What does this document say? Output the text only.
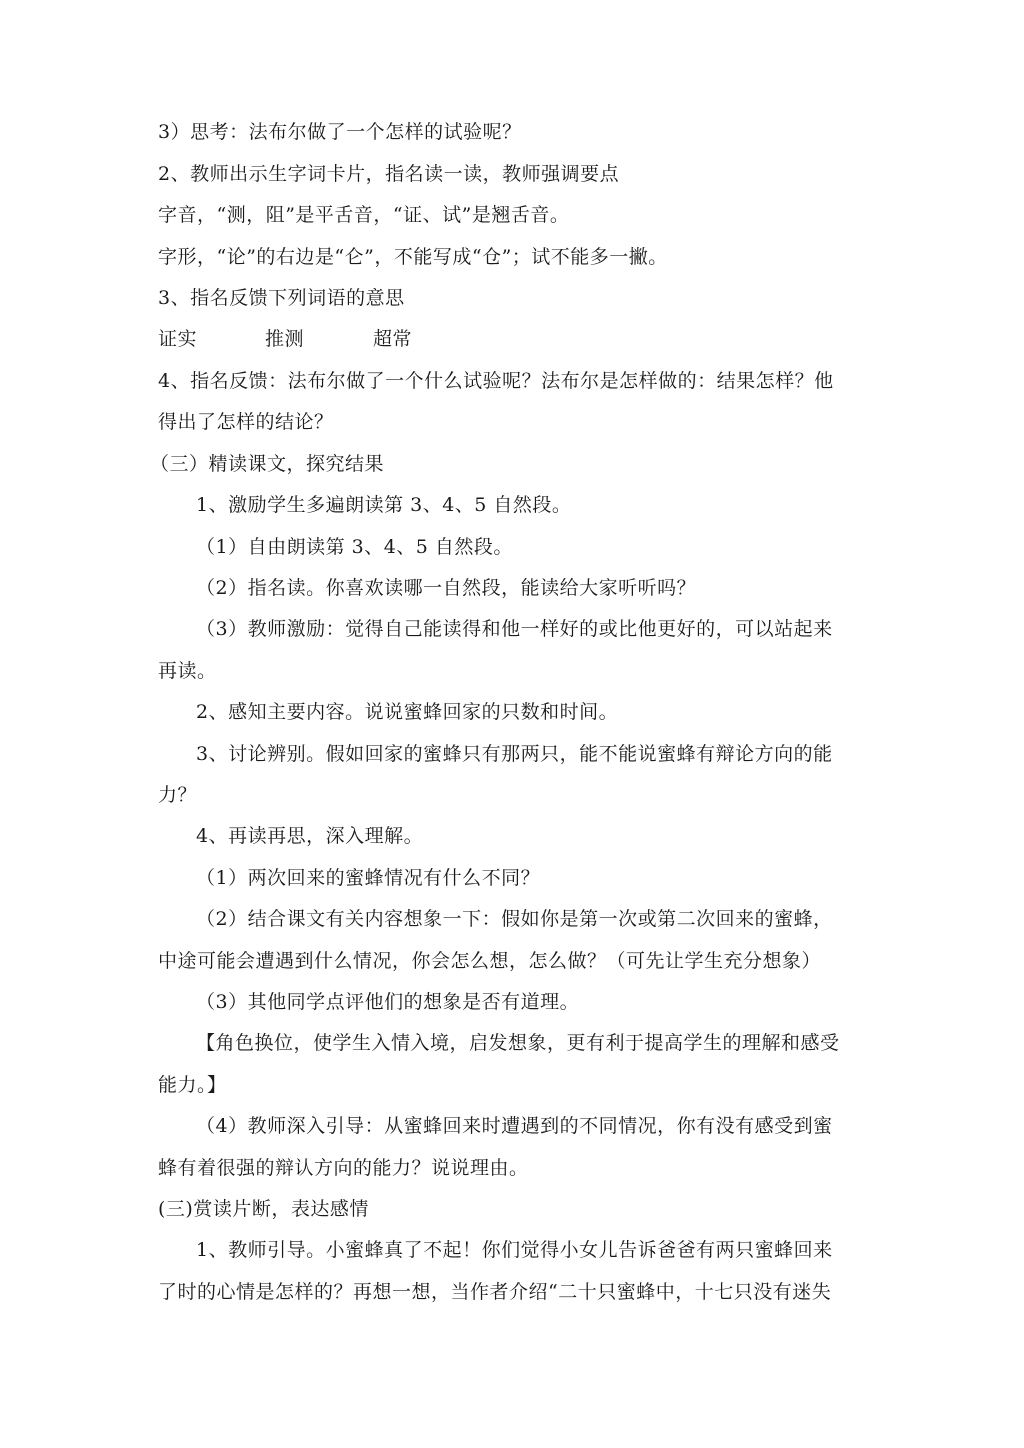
3）思考：法布尔做了一个怎样的试验呢？
2、教师出示生字词卡片，指名读一读，教师强调要点
字音，“测，阻”是平舌音，“证、试”是翘舌音。
字形，“论”的右边是“仑”，不能写成“仓”；试不能多一撇。
3、指名反馈下列词语的意思
证实	推测	超常
4、指名反馈：法布尔做了一个什么试验呢？法布尔是怎样做的：结果怎样？他
得出了怎样的结论？
（三）精读课文，探究结果
1、激励学生多遍朗读第 3、4、5 自然段。
（1）自由朗读第 3、4、5 自然段。
（2）指名读。你喜欢读哪一自然段，能读给大家听听吗？
（3）教师激励：觉得自己能读得和他一样好的或比他更好的，可以站起来
再读。
2、感知主要内容。说说蜜蜂回家的只数和时间。
3、讨论辨别。假如回家的蜜蜂只有那两只，能不能说蜜蜂有辩论方向的能
力？
4、再读再思，深入理解。
（1）两次回来的蜜蜂情况有什么不同？
（2）结合课文有关内容想象一下：假如你是第一次或第二次回来的蜜蜂，
中途可能会遭遇到什么情况，你会怎么想，怎么做？（可先让学生充分想象）
（3）其他同学点评他们的想象是否有道理。
【角色换位，使学生入情入境，启发想象，更有利于提高学生的理解和感受
能力。】
（4）教师深入引导：从蜜蜂回来时遭遇到的不同情况，你有没有感受到蜜
蜂有着很强的辩认方向的能力？说说理由。
(三)赏读片断，表达感情
1、教师引导。小蜜蜂真了不起！你们觉得小女儿告诉爸爸有两只蜜蜂回来
了时的心情是怎样的？再想一想，当作者介绍“二十只蜜蜂中，十七只没有迷失
